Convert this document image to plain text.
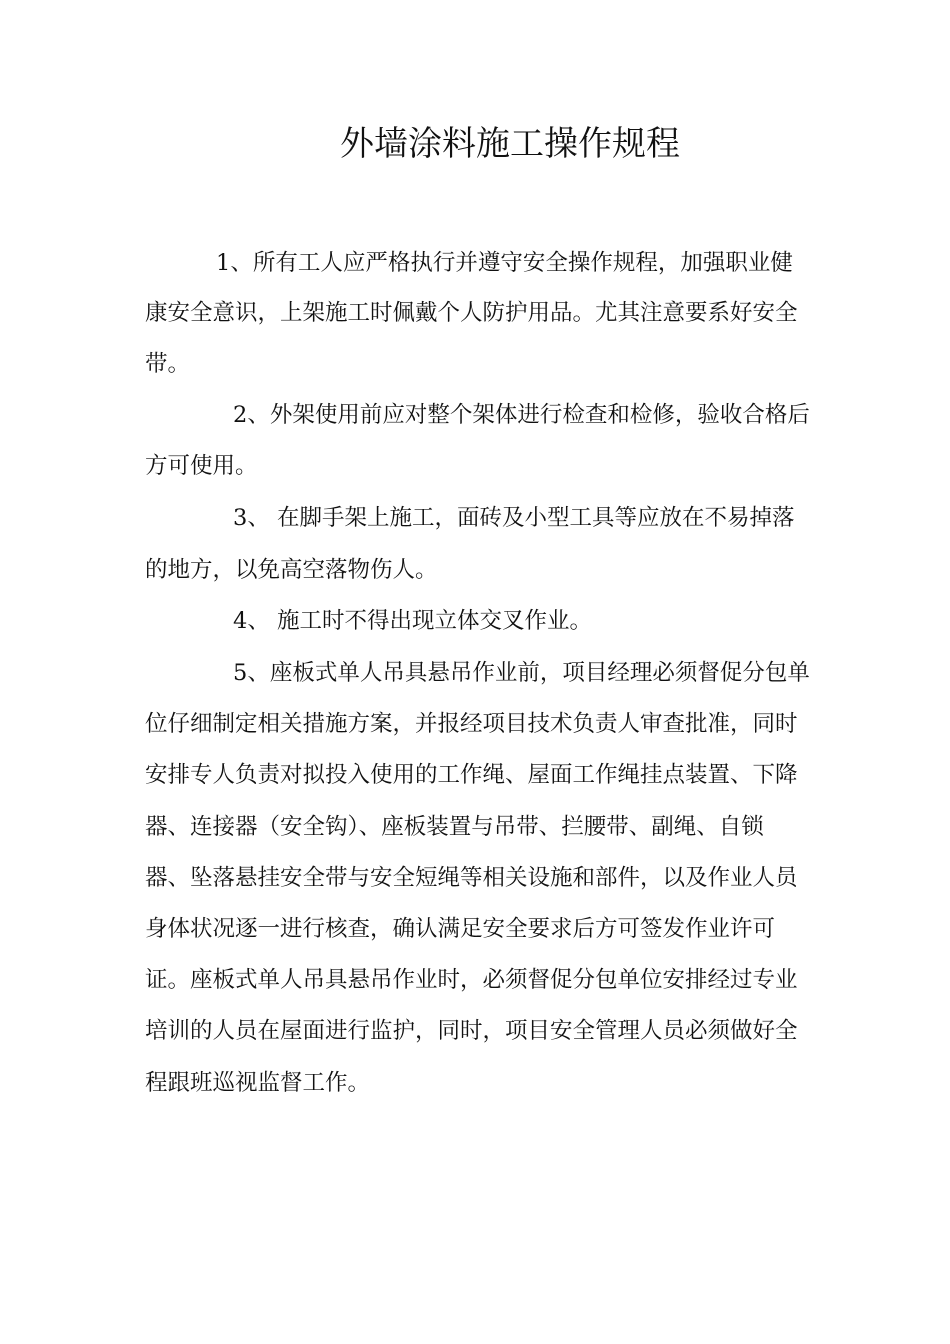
外墙涂料施工操作规程

1、所有工人应严格执行并遵守安全操作规程，加强职业健

康安全意识，上架施工时佩戴个人防护用品。尤其注意要系好安全

带。

2、外架使用前应对整个架体进行检查和检修，验收合格后

方可使用。

3、 在脚手架上施工，面砖及小型工具等应放在不易掉落

的地方，以免高空落物伤人。

4、 施工时不得出现立体交叉作业。

5、座板式单人吊具悬吊作业前，项目经理必须督促分包单

位仔细制定相关措施方案，并报经项目技术负责人审查批准，同时

安排专人负责对拟投入使用的工作绳、屋面工作绳挂点装置、下降

器、连接器（安全钩）、座板装置与吊带、拦腰带、副绳、自锁

器、坠落悬挂安全带与安全短绳等相关设施和部件，以及作业人员

身体状况逐一进行核查，确认满足安全要求后方可签发作业许可

证。座板式单人吊具悬吊作业时，必须督促分包单位安排经过专业

培训的人员在屋面进行监护，同时，项目安全管理人员必须做好全

程跟班巡视监督工作。
